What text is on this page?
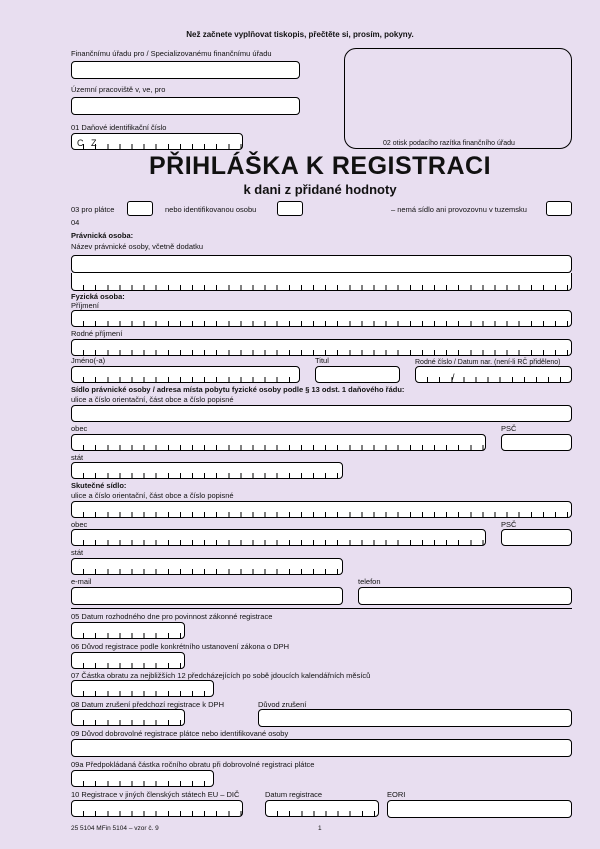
Než začnete vyplňovat tiskopis, přečtěte si, prosím, pokyny.
Finančnímu úřadu pro / Specializovanému finančnímu úřadu
Územní pracoviště v, ve, pro
01 Daňové identifikační číslo
C Z	02 otisk podacího razítka finančního úřadu
PŘIHLÁŠKA K REGISTRACI
k dani z přidané hodnoty
03 pro plátce	nebo identifikovanou osobu	– nemá sídlo ani provozovnu v tuzemsku
04
Právnická osoba:
Název právnické osoby, včetně dodatku
Fyzická osoba:
Příjmení
Rodné příjmení
Jméno(-a)	Titul	Rodné číslo / Datum nar. (není-li RČ přiděleno)
/
Sídlo právnické osoby / adresa místa pobytu fyzické osoby podle § 13 odst. 1 daňového řádu:
ulice a číslo orientační, část obce a číslo popisné
obec	PSČ
stát
Skutečné sídlo:
ulice a číslo orientační, část obce a číslo popisné
obec	PSČ
stát
e-mail	telefon
05 Datum rozhodného dne pro povinnost zákonné registrace
06 Důvod registrace podle konkrétního ustanovení zákona o DPH
07 Částka obratu za nejbližších 12 předcházejících po sobě jdoucích kalendářních měsíců
08 Datum zrušení předchozí registrace k DPH	Důvod zrušení
09 Důvod dobrovolné registrace plátce nebo identifikované osoby
09a Předpokládaná částka ročního obratu při dobrovolné registraci plátce
10 Registrace v jiných členských státech EU – DIČ	Datum registrace	EORI
25 5104 MFin 5104 – vzor č. 9	1
